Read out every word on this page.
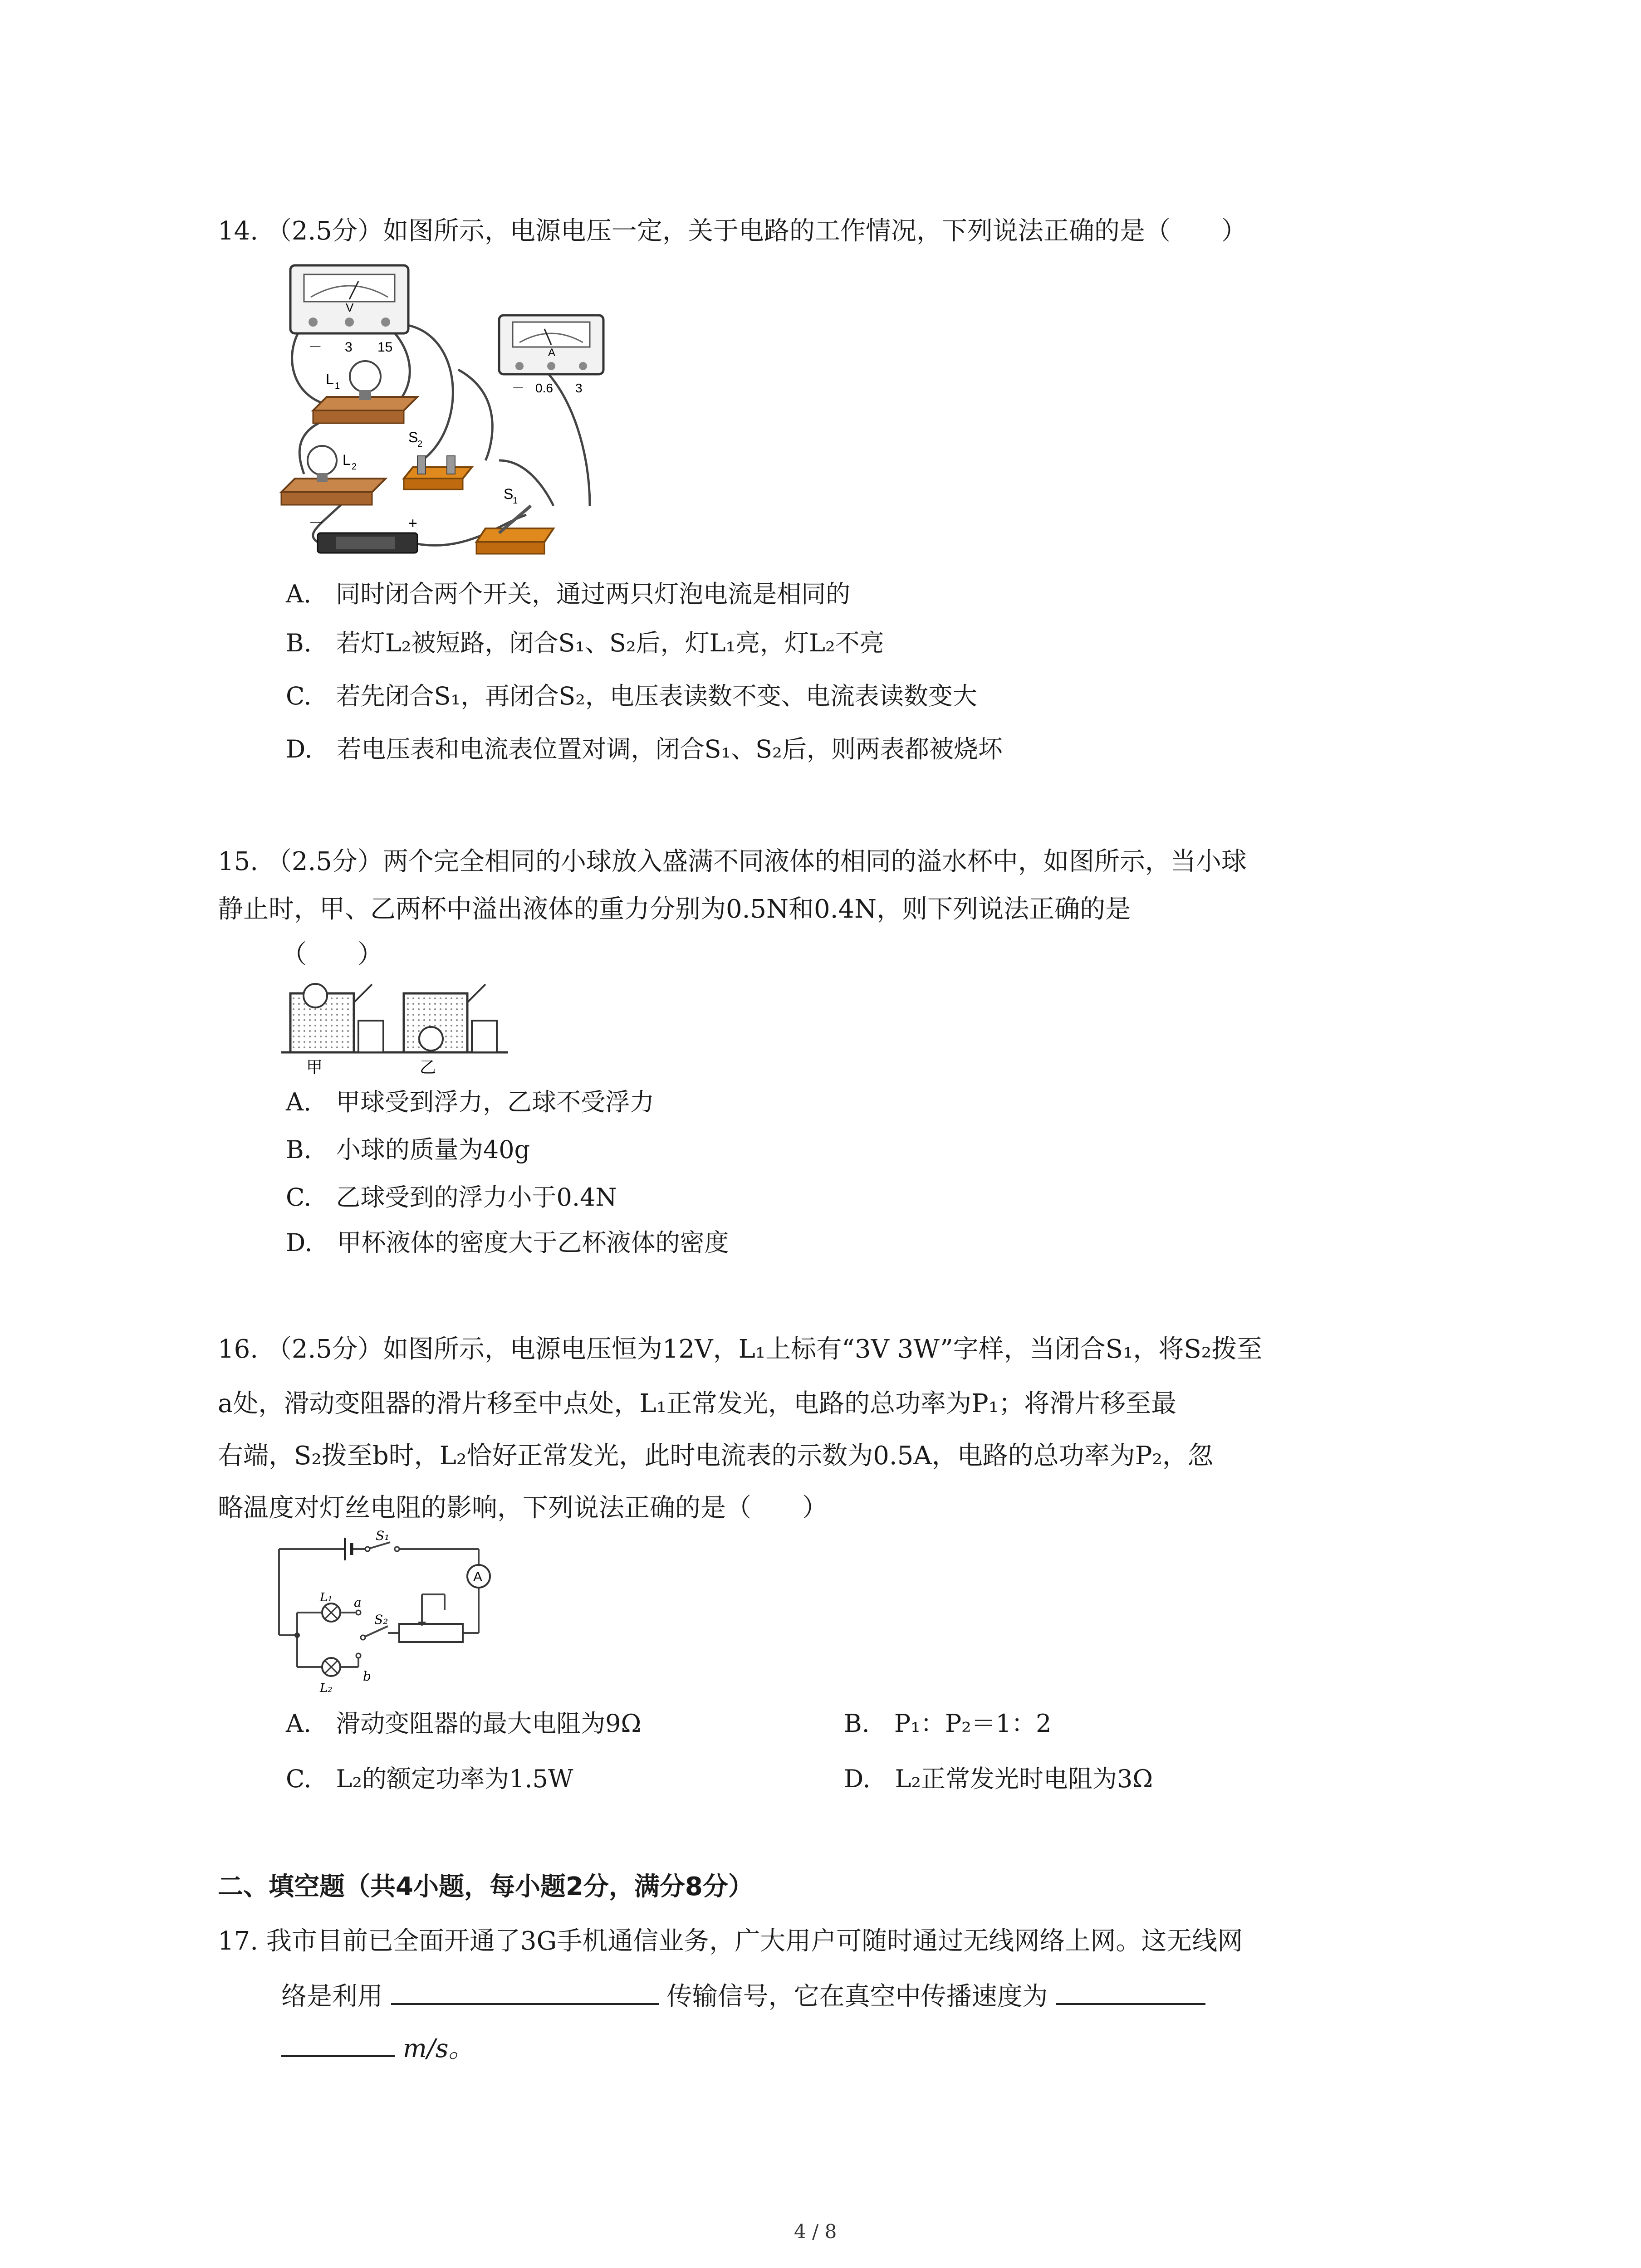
14. （2.5分）如图所示，电源电压一定，关于电路的工作情况，下列说法正确的是（　　）
V
－ 3 15	A
－ 0.6 3
L 1
L 2
S
2
S
1
－	+
A.　同时闭合两个开关，通过两只灯泡电流是相同的
B.　若灯L₂被短路，闭合S₁、S₂后，灯L₁亮，灯L₂不亮
C.　若先闭合S₁，再闭合S₂，电压表读数不变、电流表读数变大
D.　若电压表和电流表位置对调，闭合S₁、S₂后，则两表都被烧坏
15. （2.5分）两个完全相同的小球放入盛满不同液体的相同的溢水杯中，如图所示，当小球
静止时，甲、乙两杯中溢出液体的重力分别为0.5N和0.4N，则下列说法正确的是
（　　）
甲	乙
A.　甲球受到浮力，乙球不受浮力
B.　小球的质量为40g
C.　乙球受到的浮力小于0.4N
D.　甲杯液体的密度大于乙杯液体的密度
16. （2.5分）如图所示，电源电压恒为12V，L₁上标有“3V 3W”字样，当闭合S₁，将S₂拨至
a处，滑动变阻器的滑片移至中点处，L₁正常发光，电路的总功率为P₁；将滑片移至最
右端，S₂拨至b时，L₂恰好正常发光，此时电流表的示数为0.5A，电路的总功率为P₂，忽
略温度对灯丝电阻的影响，下列说法正确的是（　　）
A
S₁
S₂
L₁
L₂
a
b
A.　滑动变阻器的最大电阻为9Ω	B.　P₁：P₂＝1：2
C.　L₂的额定功率为1.5W	D.　L₂正常发光时电阻为3Ω
二、填空题（共4小题，每小题2分，满分8分）
17. 我市目前已全面开通了3G手机通信业务，广大用户可随时通过无线网络上网。这无线网
络是利用	传输信号，它在真空中传播速度为
m/s。
4 / 8
